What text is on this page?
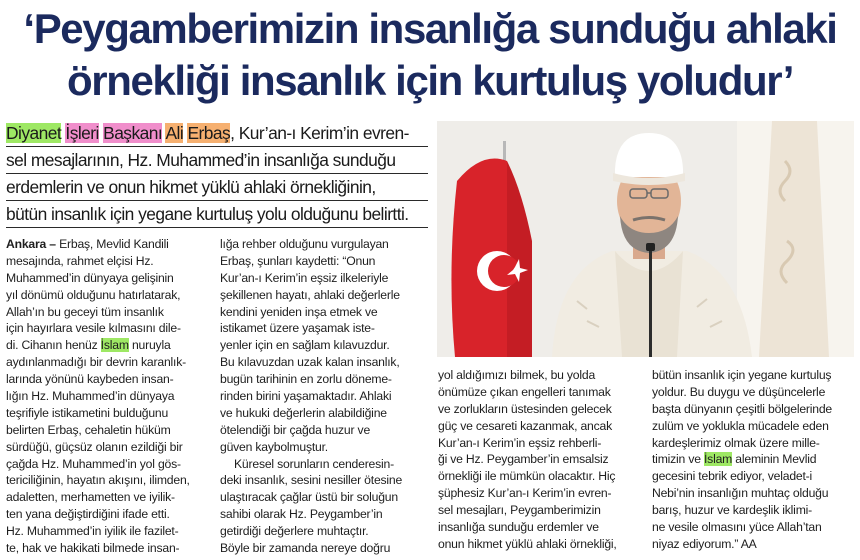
‘Peygamberimizin insanlığa sunduğu ahlaki
örnekliği insanlık için kurtuluş yoludur’
Diyanet İşleri Başkanı Ali Erbaş, Kur’an-ı Kerim’in evren-
sel mesajlarının, Hz. Muhammed’in insanlığa sunduğu
erdemlerin ve onun hikmet yüklü ahlaki örnekliğinin,
bütün insanlık için yegane kurtuluş yolu olduğunu belirtti.
Ankara – Erbaş, Mevlid Kandili
mesajında, rahmet elçisi Hz.
Muhammed’in dünyaya gelişinin
yıl dönümü olduğunu hatırlatarak,
Allah’ın bu geceyi tüm insanlık
için hayırlara vesile kılmasını dile-
di. Cihanın henüz İslam nuruyla
aydınlanmadığı bir devrin karanlık-
larında yönünü kaybeden insan-
lığın Hz. Muhammed’in dünyaya
teşrifiyle istikametini bulduğunu
belirten Erbaş, cehaletin hüküm
sürdüğü, güçsüz olanın ezildiği bir
çağda Hz. Muhammed’in yol gös-
tericiliğinin, hayatın akışını, ilimden,
adaletten, merhametten ve iyilik-
ten yana değiştirdiğini ifade etti.
Hz. Muhammed’in iyilik ile fazilet-
te, hak ve hakikati bilmede insan-
lığa rehber olduğunu vurgulayan
Erbaş, şunları kaydetti: “Onun
Kur’an-ı Kerim’in eşsiz ilkeleriyle
şekillenen hayatı, ahlaki değerlerle
kendini yeniden inşa etmek ve
istikamet üzere yaşamak iste-
yenler için en sağlam kılavuzdur.
Bu kılavuzdan uzak kalan insanlık,
bugün tarihinin en zorlu döneme-
rinden birini yaşamaktadır. Ahlaki
ve hukuki değerlerin alabildiğine
ötelendiği bir çağda huzur ve
güven kaybolmuştur.
Küresel sorunların cenderesin-
deki insanlık, sesini nesiller ötesine
ulaştıracak çağlar üstü bir soluğun
sahibi olarak Hz. Peygamber’in
getirdiği değerlere muhtaçtır.
Böyle bir zamanda nereye doğru
yol aldığımızı bilmek, bu yolda
önümüze çıkan engelleri tanımak
ve zorlukların üstesinden gelecek
güç ve cesareti kazanmak, ancak
Kur’an-ı Kerim’in eşsiz rehberli-
ği ve Hz. Peygamber’in emsalsiz
örnekliği ile mümkün olacaktır. Hiç
şüphesiz Kur’an-ı Kerim’in evren-
sel mesajları, Peygamberimizin
insanlığa sunduğu erdemler ve
onun hikmet yüklü ahlaki örnekliği,
bütün insanlık için yegane kurtuluş
yoldur. Bu duygu ve düşüncelerle
başta dünyanın çeşitli bölgelerinde
zulüm ve yoklukla mücadele eden
kardeşlerimiz olmak üzere mille-
timizin ve İslam aleminin Mevlid
gecesini tebrik ediyor, veladet-i
Nebi’nin insanlığın muhtaç olduğu
barış, huzur ve kardeşlik iklimi-
ne vesile olmasını yüce Allah’tan
niyaz ediyorum.” AA
